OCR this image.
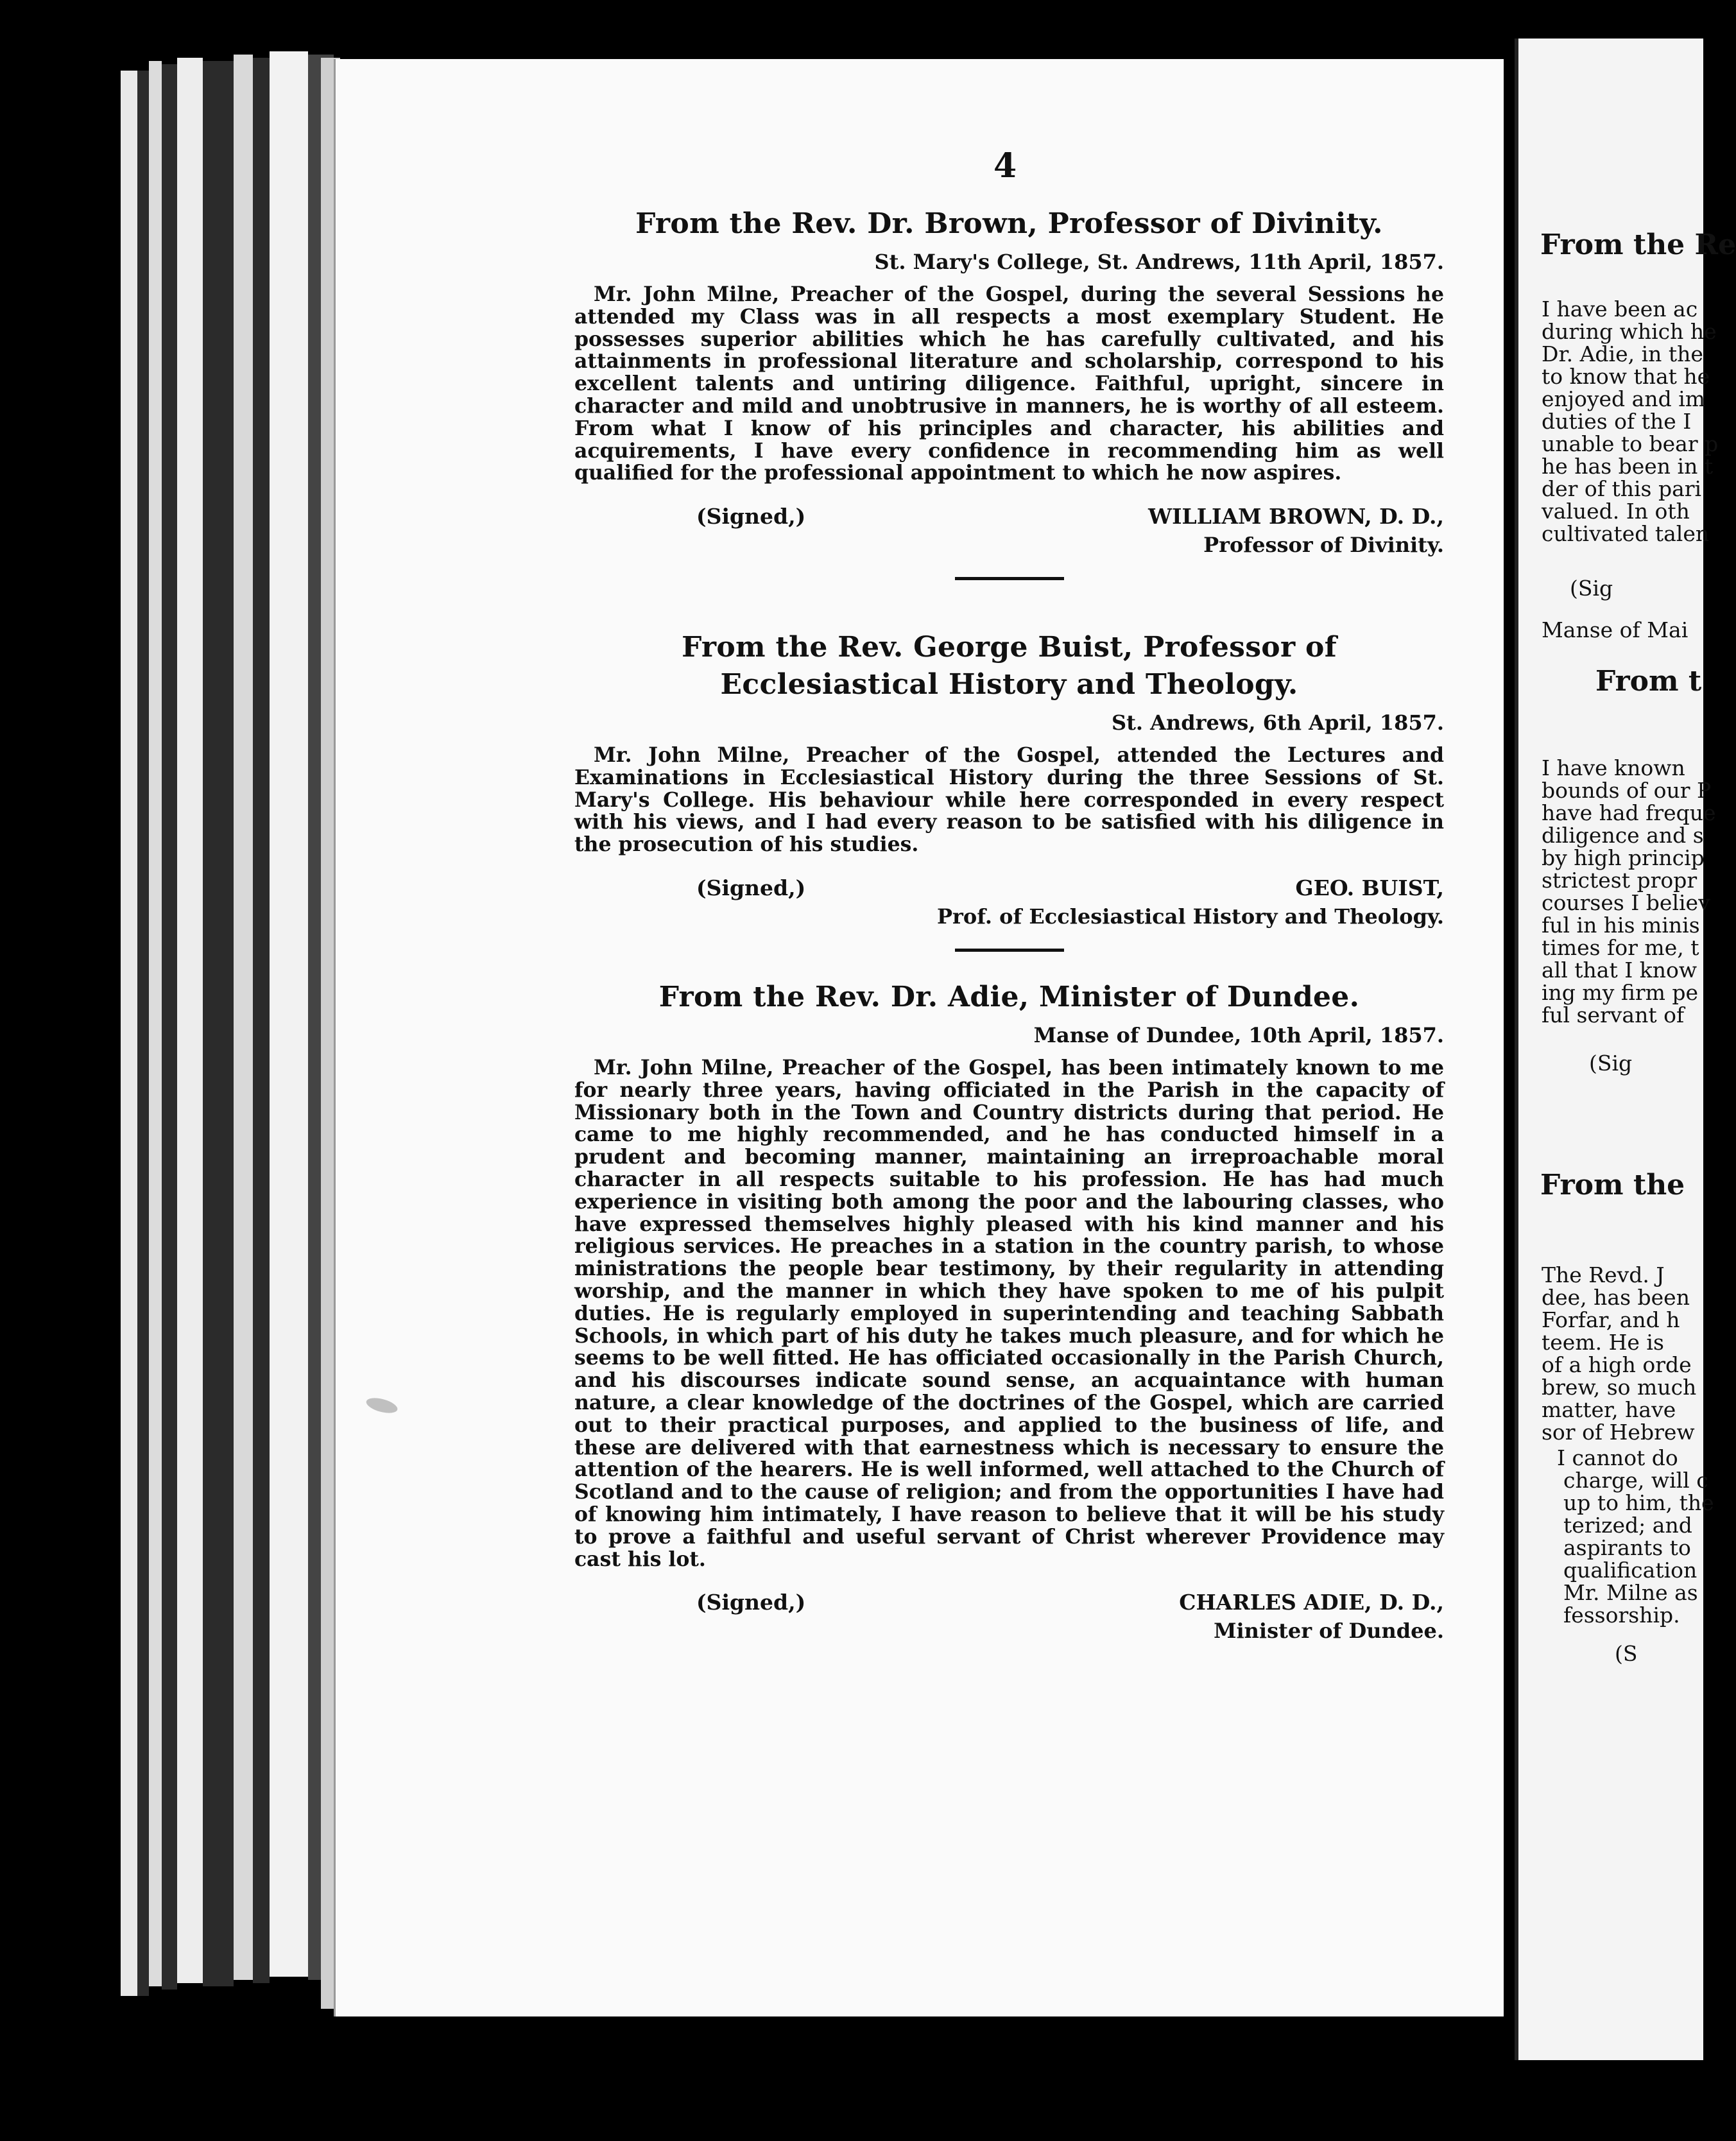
4
From the Rev. Dr. Brown, Professor of Divinity.
St. Mary's College, St. Andrews, 11th April, 1857.
Mr. John Milne, Preacher of the Gospel, during the several Sessions he attended my Class was in all respects a most exemplary Student. He possesses superior abilities which he has carefully cultivated, and his attainments in professional literature and scholarship, correspond to his excellent talents and untiring diligence. Faithful, upright, sincere in character and mild and unobtrusive in manners, he is worthy of all esteem. From what I know of his principles and character, his abilities and acquirements, I have every confidence in recommending him as well qualified for the professional appointment to which he now aspires.
(Signed,)	WILLIAM BROWN, D. D.,
Professor of Divinity.
From the Rev. George Buist, Professor of Ecclesiastical History and Theology.
St. Andrews, 6th April, 1857.
Mr. John Milne, Preacher of the Gospel, attended the Lectures and Examinations in Ecclesiastical History during the three Sessions of St. Mary's College. His behaviour while here corresponded in every respect with his views, and I had every reason to be satisfied with his diligence in the prosecution of his studies.
(Signed,)	GEO. BUIST,
Prof. of Ecclesiastical History and Theology.
From the Rev. Dr. Adie, Minister of Dundee.
Manse of Dundee, 10th April, 1857.
Mr. John Milne, Preacher of the Gospel, has been intimately known to me for nearly three years, having officiated in the Parish in the capacity of Missionary both in the Town and Country districts during that period. He came to me highly recommended, and he has conducted himself in a prudent and becoming manner, maintaining an irreproachable moral character in all respects suitable to his profession. He has had much experience in visiting both among the poor and the labouring classes, who have expressed themselves highly pleased with his kind manner and his religious services. He preaches in a station in the country parish, to whose ministrations the people bear testimony, by their regularity in attending worship, and the manner in which they have spoken to me of his pulpit duties. He is regularly employed in superintending and teaching Sabbath Schools, in which part of his duty he takes much pleasure, and for which he seems to be well fitted. He has officiated occasionally in the Parish Church, and his discourses indicate sound sense, an acquaintance with human nature, a clear knowledge of the doctrines of the Gospel, which are carried out to their practical purposes, and applied to the business of life, and these are delivered with that earnestness which is necessary to ensure the attention of the hearers. He is well informed, well attached to the Church of Scotland and to the cause of religion; and from the opportunities I have had of knowing him intimately, I have reason to believe that it will be his study to prove a faithful and useful servant of Christ wherever Providence may cast his lot.
(Signed,)	CHARLES ADIE, D. D.,
Minister of Dundee.
From the Re
I have been ac
during which he
Dr. Adie, in the
to know that he
enjoyed and im
duties of the I
unable to bear p
he has been in t
der of this pari
valued. In oth
cultivated talen
(Sig
Manse of Mai
From t
I have known
bounds of our P
have had freque
diligence and s
by high princip
strictest propr
courses I believ
ful in his minis
times for me, t
all that I know
ing my firm pe
ful servant of
(Sig
From the
The Revd. J
dee, has been
Forfar, and h
teem. He is
of a high orde
brew, so much
matter, have
sor of Hebrew
I cannot do
charge, will c
up to him, the
terized; and
aspirants to
qualification
Mr. Milne as
fessorship.
(S
